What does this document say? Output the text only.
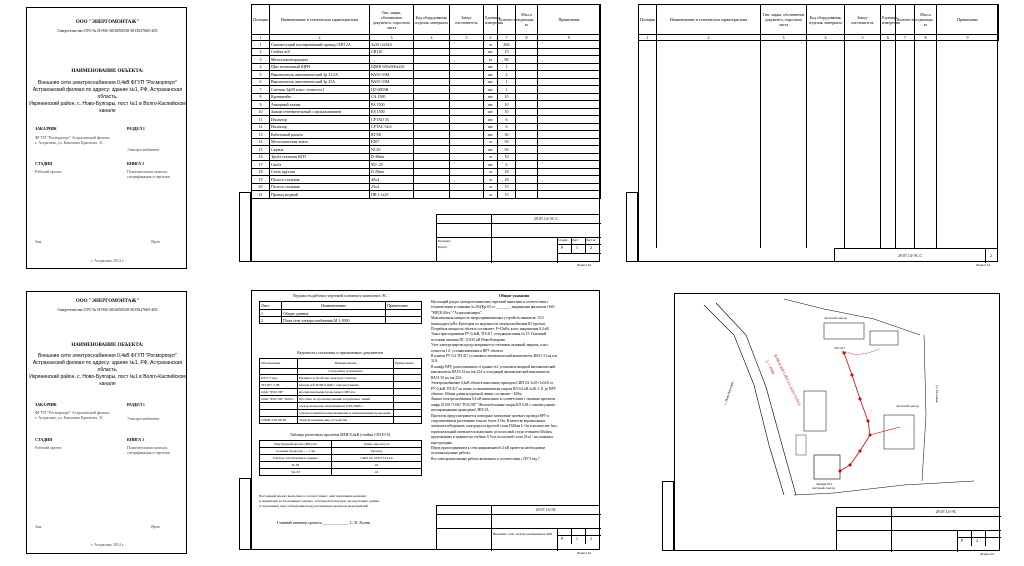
ООО "ЭНЕРГОМОНТАЖ"
Свидетельство СРО № П-094-3016058330-3015027665-405
НАИМЕНОВАНИЕ ОБЪЕКТА:
Внешние сети электроснабжения 0,4кВ ФГУП "Росморпорт"
Астраханский филиал по адресу: здание №1, РФ, Астраханская область,
Икрянинский район, с. Ново-Булгары, пост №1 в Волго-Каспийском канале
ЗАКАЗЧИК
ФГУП "Росморпорт" Астраханский филиал
г. Астрахань, ул. Капитана Краснова, 31
РАЗДЕЛ 1
Электроснабжение
СТАДИЯ
Рабочий проект
КНИГА 1
Пояснительная записка,
спецификация и чертежи
Зам.	Яров
г. Астрахань 2014 г.
ООО "ЭНЕРГОМОНТАЖ"
Свидетельство СРО № П-094-3016058330-3015027665-405
НАИМЕНОВАНИЕ ОБЪЕКТА:
Внешние сети электроснабжения 0,4кВ ФГУП "Росморпорт"
Астраханский филиал по адресу: здание №1, РФ, Астраханская область,
Икрянинский район, с. Ново-Булгары, пост №1 в Волго-Каспийском канале
ЗАКАЗЧИК
ФГУП "Росморпорт" Астраханский филиал
г. Астрахань, ул. Капитана Краснова, 31
РАЗДЕЛ 1
Электроснабжение
СТАДИЯ
Рабочий проект
КНИГА 1
Пояснительная записка,
спецификация и чертежи
Зам.	Яров
г. Астрахань 2014 г.
Позиция	Наименование и техническая характеристика	Тип, марка, обозначение документа, опросного листа	Код оборудования, изделия, материала	Завод-изготовитель	Единица измерения	Количество	Масса единицы, кг	Примечание
1	2	3	4	5	6	7	8	9
1	Самонесущий изолированный провод СИП 2А	3х35+1х54,6			м	450		
2	Стойка ж/б	СВ110			шт.	15		
3	Металлоконструкции				кг	80		
4	Щит монтажный ЩРН	ЩМП 650х500х220			шт.	1		
5	Выключатель автоматический 3р 31,5А	ВА55-33М			шт.	2		
6	Выключатель автоматический 3р 25А	ВА55-33М			шт.	1		
7	Счетчик 3ф50 класс точности 1	ЦЭ 6803В			шт.	1		
8	Кронштейн	CA 1500			шт.	10		
9	Анкерный зажим	PA 1500			шт.	10		
10	Зажим ответвительный с прокалыванием	ES 1500			шт.	10		
11	Изолятор	СРТАО 35			шт.	6		
12	Изолятор	СРТАС 54,6			шт.	6		
13	Кабельный разъем	RTTR			шт.	30		
14	Металлическая лента	F207			м	50		
15	Скрепа	NC20			шт.	50		
16	Труба стальная ВГП	D 40мм			м	10		
17	Скоба	ЧО -25			шт.	5		
18	Сталь круглая	D 20мм			м	18		
19	Полоса стальная	40х4			м	18		
20	Полоса стальная	25х4			м	15		
21	Провод медный	ПВ 3 1х25			м	15		
29.07.14-ЭС.С
Стадия Лист	Листов
Р	1	2
Проверил
Разраб.
Формат А3
Позиция	Наименование и техническая характеристика	Тип, марка, обозначение документа, опросного листа	Код оборудования, изделия, материала	Завод-изготовитель	Единица измерения	Количество	Масса единицы, кг	Примечание
1	2	3	4	5	6	7	8	9
29.07.14-ЭС.С	2
Формат А3
Ведомость рабочих чертежей основного комплекта ЭС
Лист	Наименование	Примечание
1	Общие данные	
2	План сети электроснабжения М 1:1000	
Ведомость ссылочных и прилагаемых документов
Обозначение	Наименование	Примечание
	Ссылочные документы	
ПУЭ-7 изд.	Правила устройства электроустановок	
ТП 407-7-98	Опоры ж/б ВЛИ 0,4кВ с самонесущими	
ОАО "РОСЭП"	изолированными проводами СИП-2А	
ОАО "РОСЭП" 2006 г.	Пособие по проектированию воздушных линий	
	электропередачи напряжением 0,38-20кВ с	
	самонесущими изолированными и защищенными проводами	
СНиП 3.05.06-85	Электротехнические устройства	
Таблица расчетных пролетов ВЛИ-0,4кВ (стойки СВ110-5)
Внутренний пролет (ВЛ) 2ж	Длина пролета, м
Сечение проводов — 1 3ж	Провод
Провод ответвления к зданию	СИП 2А 3х35+1х54,6
П-29	42
УА-33	42
Настоящий проект выполнен в соответствии с действующими нормами
и правилами и обеспечивает взрыво- и пожаробезопасную эксплуатацию здания
(сооружения) при соблюдении предусмотренных проектом мероприятий.
Главный инженер проекта _____________ С. В. Холин
Общие указания
Настоящий раздел электротехнических чертежей выполнен в соответствии с
техническими условиями № 204/Кр-03 от ________, выданными филиалом ОАО
"МРСК Юга"-"Астраханьэнерго".
Максимальная мощность энергопринимающих устройств заявителя: 15,0
(пятнадцать) кВт. Категория по надежности электроснабжения III (третья).
Потребная мощность объекта составляет: Р=15кВт, класс напряжения 0,4 кВ.
Точка присоединения РУ-0,4кВ, ТП-417, отходящая линия № 15. Основной
источник питания ПС 110/10 кВ Ново-Комарово.
Учет электроэнергии предусматривается счетчиком активной энергии, класс
точности 1.0, устанавливаемым в ВРУ объекта.
В панели РУ-0,4 ТП-417 установить автоматический выключатель ВА51-33 на ток
32А.
В шкафу ВРУ, расположенного в здании №1 установить вводной автоматический
выключатель ВА55-33 на ток 32А и отходящий автоматический выключатель
ВА51-35 на ток 25А.
Электроснабжение 0,4кВ объекта выполнить проводом СИП 2А 3х35+1х54,6 от
РУ-0,4кВ ТП-417 по вновь устанавливаемым опорам ВЛ-0,4 кВ №36.1-11 до ВРУ
объекта. Общая длина воздушной линии составляет - 450м.
Линию электроснабжения 0,4 кВ выполнить в соответствии с типовым проектом
шифр 25.0017 ОАО "РОСЭП" "Железобетонные опоры ВЛ 0,38 с самонесущими
изолированными проводами СИП-2А.
Проектом предусматривается повторное заземление нулевого провода ВРУ и
сопротивлением растеканию тока не более 4 Ом. В качестве вертикальных
заземлителей принять электроды из круглой стали D20мм L=3м в количестве 3шт.,
горизонтальный заземлитель выполнить из полосовой стали сечением 40х4мм,
проложенных в траншее на глубине 0,7м и полосовой стали 25х4 - на стыковых
конструкциях.
Перед присоединением к сети напряжением 0,4 кВ провести необходимые
пусконаладочные работы.
Все электромонтажные работы выполнить в соответствии с ПУЭ изд.7
29.07.14-ЭС
Внешние сети электроснабжения 0,4кВ
Р	1	2
Формат А3
ВЛИ-0,4кВ СИП 2А 3х35+1х54,6
L = 450м
частный сектор
частный сектор
частный сектор
с. Ново-Булгары	ул. Полевая
ТП-417
Здание №1
29.07.14-ЭС
Р	2
Формат А3
